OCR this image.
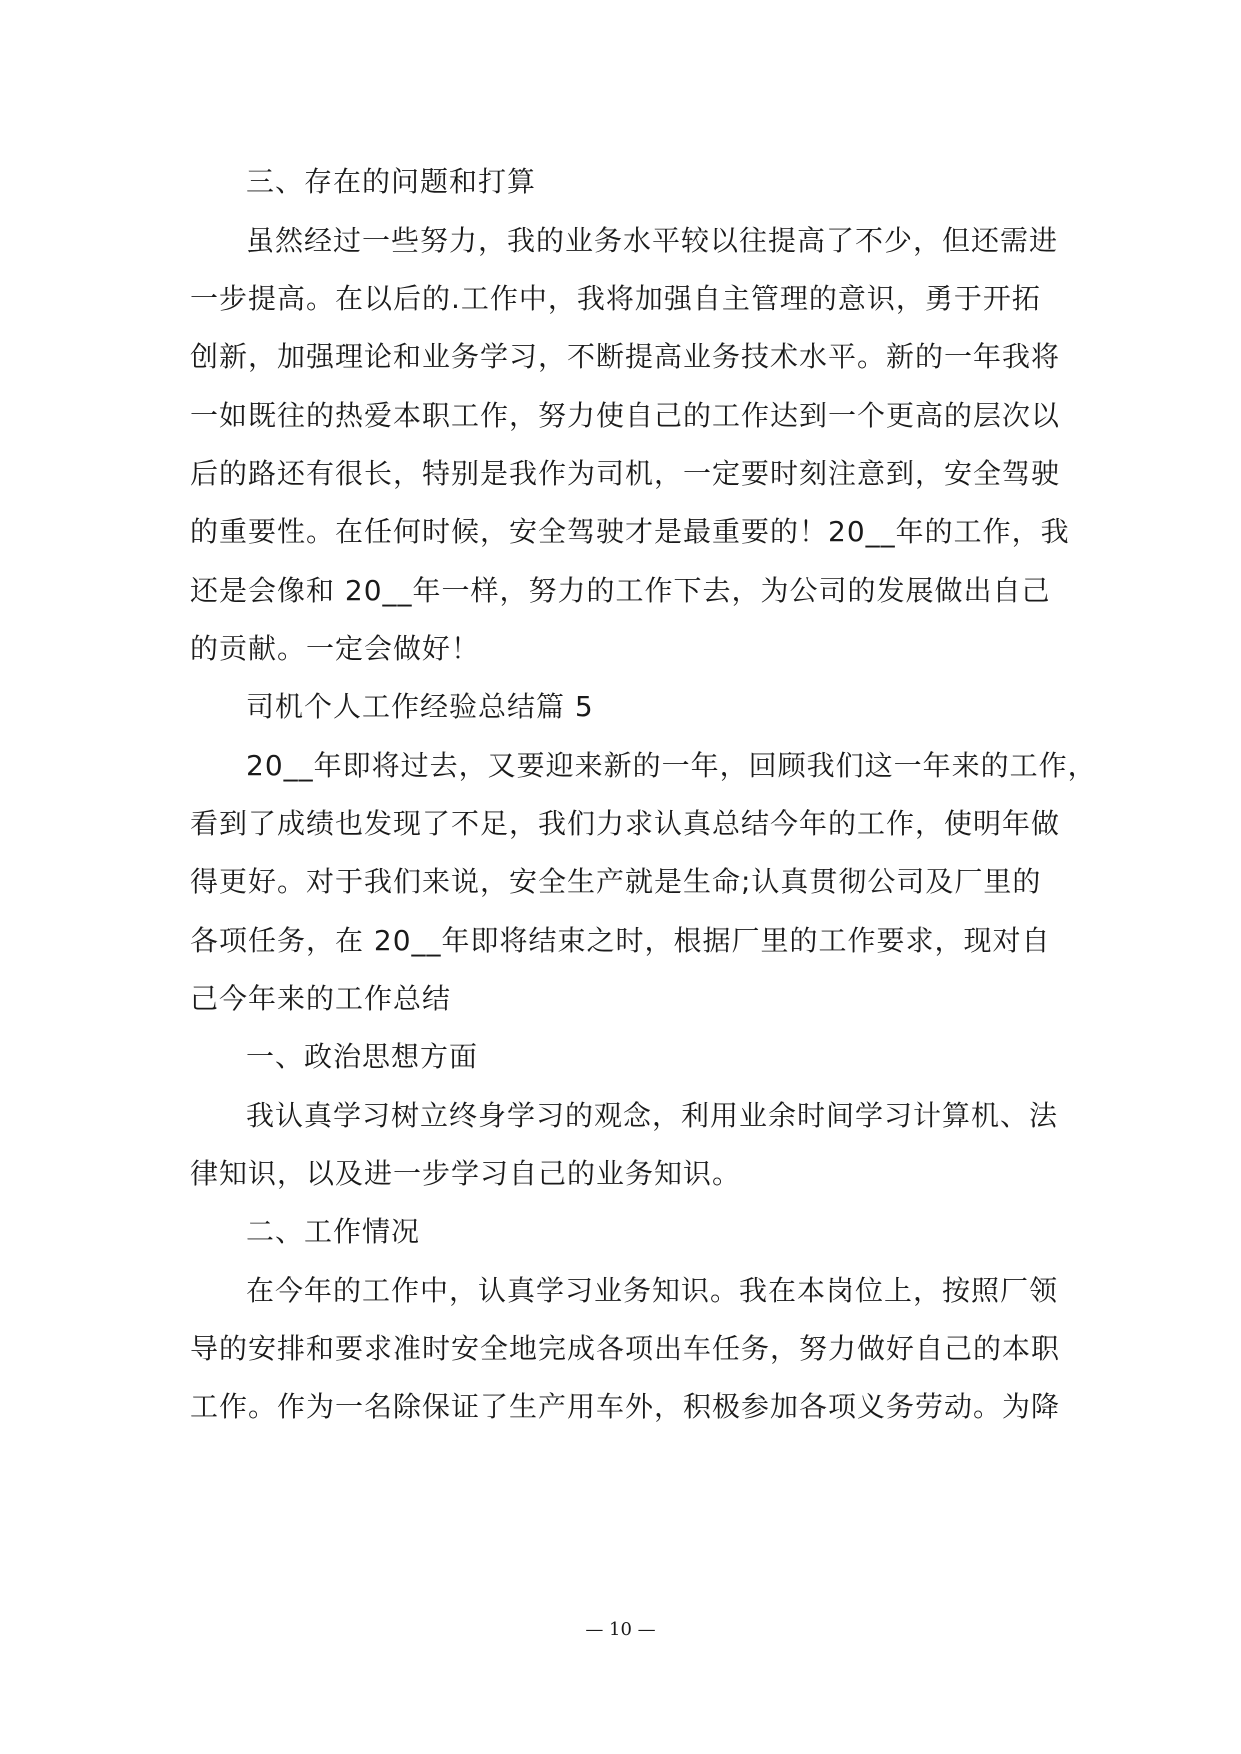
三、存在的问题和打算
虽然经过一些努力，我的业务水平较以往提高了不少，但还需进
一步提高。在以后的.工作中，我将加强自主管理的意识，勇于开拓
创新，加强理论和业务学习，不断提高业务技术水平。新的一年我将
一如既往的热爱本职工作，努力使自己的工作达到一个更高的层次以
后的路还有很长，特别是我作为司机，一定要时刻注意到，安全驾驶
的重要性。在任何时候，安全驾驶才是最重要的！20__年的工作，我
还是会像和 20__年一样，努力的工作下去，为公司的发展做出自己
的贡献。一定会做好！
司机个人工作经验总结篇 5
20__年即将过去，又要迎来新的一年，回顾我们这一年来的工作，
看到了成绩也发现了不足，我们力求认真总结今年的工作，使明年做
得更好。对于我们来说，安全生产就是生命;认真贯彻公司及厂里的
各项任务，在 20__年即将结束之时，根据厂里的工作要求，现对自
己今年来的工作总结
一、政治思想方面
我认真学习树立终身学习的观念，利用业余时间学习计算机、法
律知识，以及进一步学习自己的业务知识。
二、工作情况
在今年的工作中，认真学习业务知识。我在本岗位上，按照厂领
导的安排和要求准时安全地完成各项出车任务，努力做好自己的本职
工作。作为一名除保证了生产用车外，积极参加各项义务劳动。为降
— 10 —
